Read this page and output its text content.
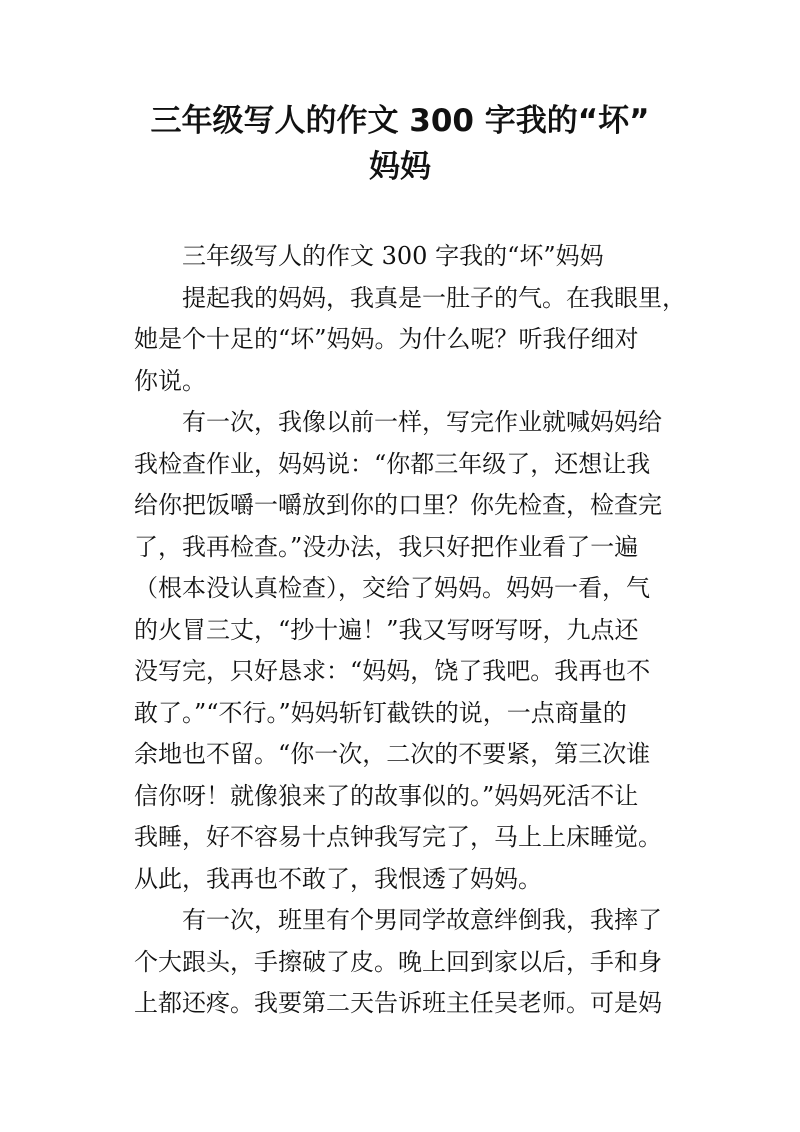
三年级写人的作文 300 字我的“坏”
妈妈
三年级写人的作文 300 字我的“坏”妈妈
提起我的妈妈，我真是一肚子的气。在我眼里，
她是个十足的“坏”妈妈。为什么呢？听我仔细对
你说。
有一次，我像以前一样，写完作业就喊妈妈给
我检查作业，妈妈说：“你都三年级了，还想让我
给你把饭嚼一嚼放到你的口里？你先检查，检查完
了，我再检查。”没办法，我只好把作业看了一遍
（根本没认真检查），交给了妈妈。妈妈一看，气
的火冒三丈，“抄十遍！”我又写呀写呀，九点还
没写完，只好恳求：“妈妈，饶了我吧。我再也不
敢了。”“不行。”妈妈斩钉截铁的说，一点商量的
余地也不留。“你一次，二次的不要紧，第三次谁
信你呀！就像狼来了的故事似的。”妈妈死活不让
我睡，好不容易十点钟我写完了，马上上床睡觉。
从此，我再也不敢了，我恨透了妈妈。
有一次，班里有个男同学故意绊倒我，我摔了
个大跟头，手擦破了皮。晚上回到家以后，手和身
上都还疼。我要第二天告诉班主任吴老师。可是妈
